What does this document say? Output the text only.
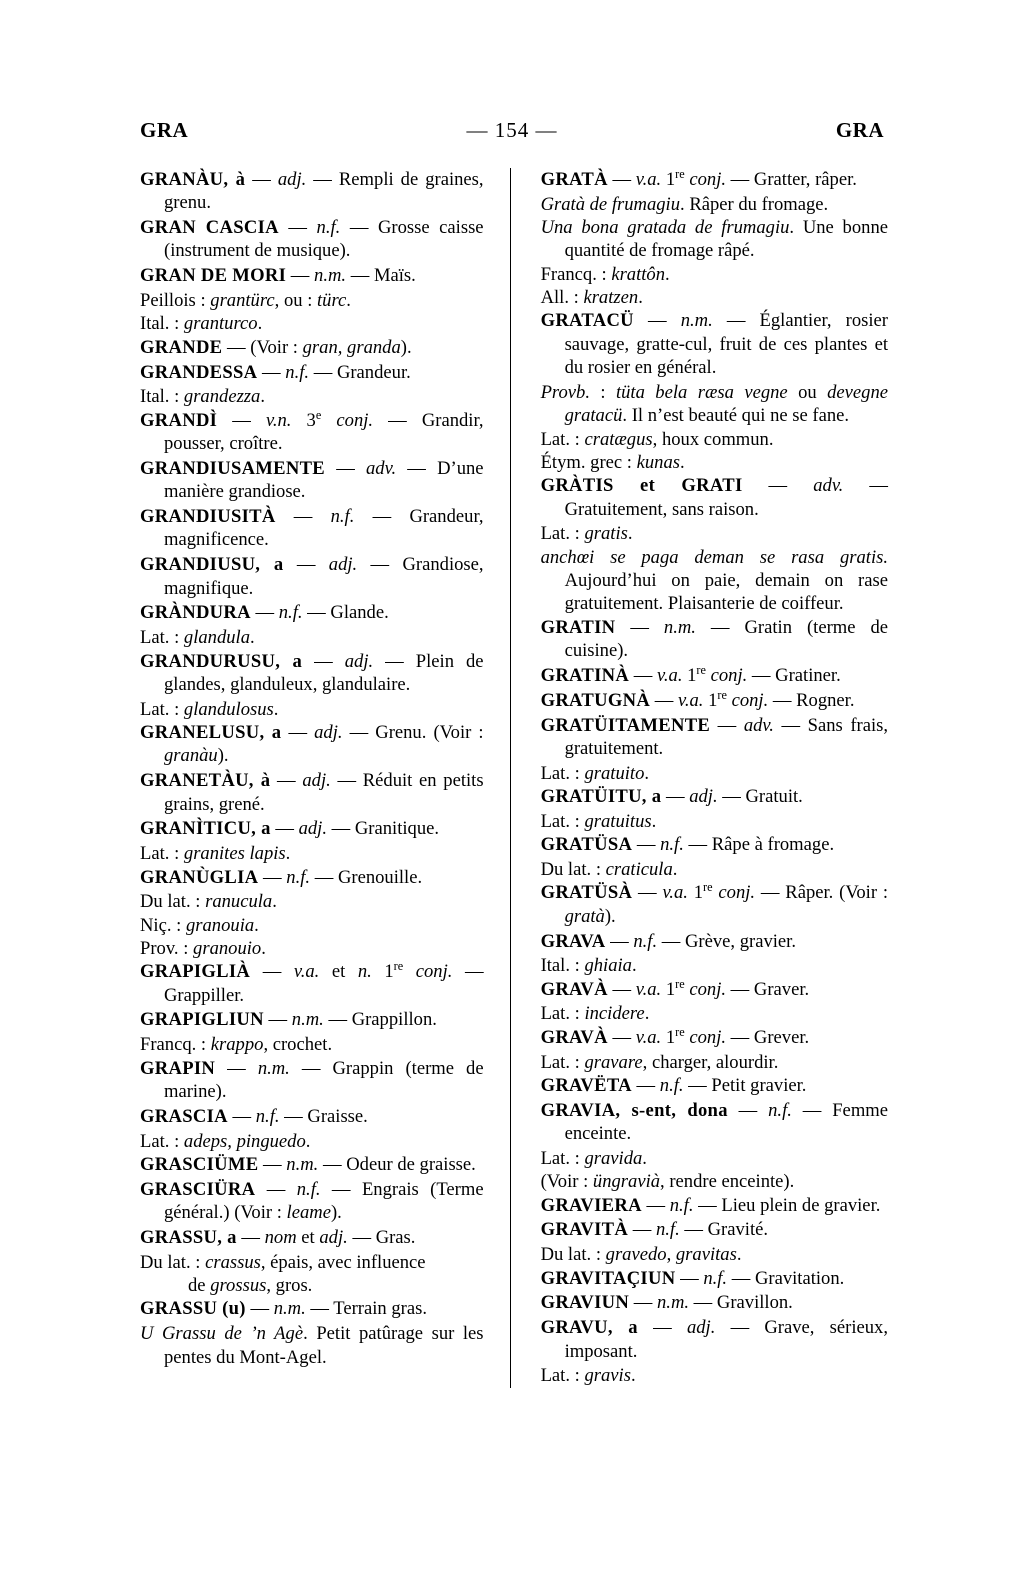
GRA	— 154 —	GRA
GRANÀU, à — adj. — Rempli de graines, grenu.
GRAN CASCIA — n.f. — Grosse caisse (instrument de musique).
GRAN DE MORI — n.m. — Maïs.
Peillois : grantürc, ou : türc.
Ital. : granturco.
GRANDE — (Voir : gran, granda).
GRANDESSA — n.f. — Grandeur.
Ital. : grandezza.
GRANDÌ — v.n. 3e conj. — Grandir, pousser, croître.
GRANDIUSAMENTE — adv. — D’une manière grandiose.
GRANDIUSITÀ — n.f. — Grandeur, magnificence.
GRANDIUSU, a — adj. — Grandiose, magnifique.
GRÀNDURA — n.f. — Glande.
Lat. : glandula.
GRANDURUSU, a — adj. — Plein de glandes, glanduleux, glandulaire.
Lat. : glandulosus.
GRANELUSU, a — adj. — Grenu. (Voir : granàu).
GRANETÀU, à — adj. — Réduit en petits grains, grené.
GRANÌTICU, a — adj. — Granitique.
Lat. : granites lapis.
GRANÙGLIA — n.f. — Grenouille.
Du lat. : ranucula.
Niç. : granouia.
Prov. : granouio.
GRAPIGLIÀ — v.a. et n. 1re conj. — Grappiller.
GRAPIGLIUN — n.m. — Grappillon.
Francq. : krappo, crochet.
GRAPIN — n.m. — Grappin (terme de marine).
GRASCIA — n.f. — Graisse.
Lat. : adeps, pinguedo.
GRASCIÜME — n.m. — Odeur de graisse.
GRASCIÜRA — n.f. — Engrais (Terme général.) (Voir : leame).
GRASSU, a — nom et adj. — Gras.
Du lat. : crassus, épais, avec influence
de grossus, gros.
GRASSU (u) — n.m. — Terrain gras.
U Grassu de ’n Agè. Petit patûrage sur les pentes du Mont-Agel.
GRATÀ — v.a. 1re conj. — Gratter, râper.
Gratà de frumagiu. Râper du fromage.
Una bona gratada de frumagiu. Une bonne quantité de fromage râpé.
Francq. : krattôn.
All. : kratzen.
GRATACÜ — n.m. — Églantier, rosier sauvage, gratte-cul, fruit de ces plantes et du rosier en général.
Provb. : tüta bela ræsa vegne ou devegne gratacü. Il n’est beauté qui ne se fane.
Lat. : cratægus, houx commun.
Étym. grec : kunas.
GRÀTIS et GRATI — adv. — Gratuitement, sans raison.
Lat. : gratis.
anchœi se paga deman se rasa gratis. Aujourd’hui on paie, demain on rase gratuitement. Plaisanterie de coiffeur.
GRATIN — n.m. — Gratin (terme de cuisine).
GRATINÀ — v.a. 1re conj. — Gratiner.
GRATUGNÀ — v.a. 1re conj. — Rogner.
GRATÜITAMENTE — adv. — Sans frais, gratuitement.
Lat. : gratuito.
GRATÜITU, a — adj. — Gratuit.
Lat. : gratuitus.
GRATÜSA — n.f. — Râpe à fromage.
Du lat. : craticula.
GRATÜSÀ — v.a. 1re conj. — Râper. (Voir : gratà).
GRAVA — n.f. — Grève, gravier.
Ital. : ghiaia.
GRAVÀ — v.a. 1re conj. — Graver.
Lat. : incidere.
GRAVÀ — v.a. 1re conj. — Grever.
Lat. : gravare, charger, alourdir.
GRAVËTA — n.f. — Petit gravier.
GRAVIA, s-ent, dona — n.f. — Femme enceinte.
Lat. : gravida.
(Voir : üngravià, rendre enceinte).
GRAVIERA — n.f. — Lieu plein de gravier.
GRAVITÀ — n.f. — Gravité.
Du lat. : gravedo, gravitas.
GRAVITAÇIUN — n.f. — Gravitation.
GRAVIUN — n.m. — Gravillon.
GRAVU, a — adj. — Grave, sérieux, imposant.
Lat. : gravis.
